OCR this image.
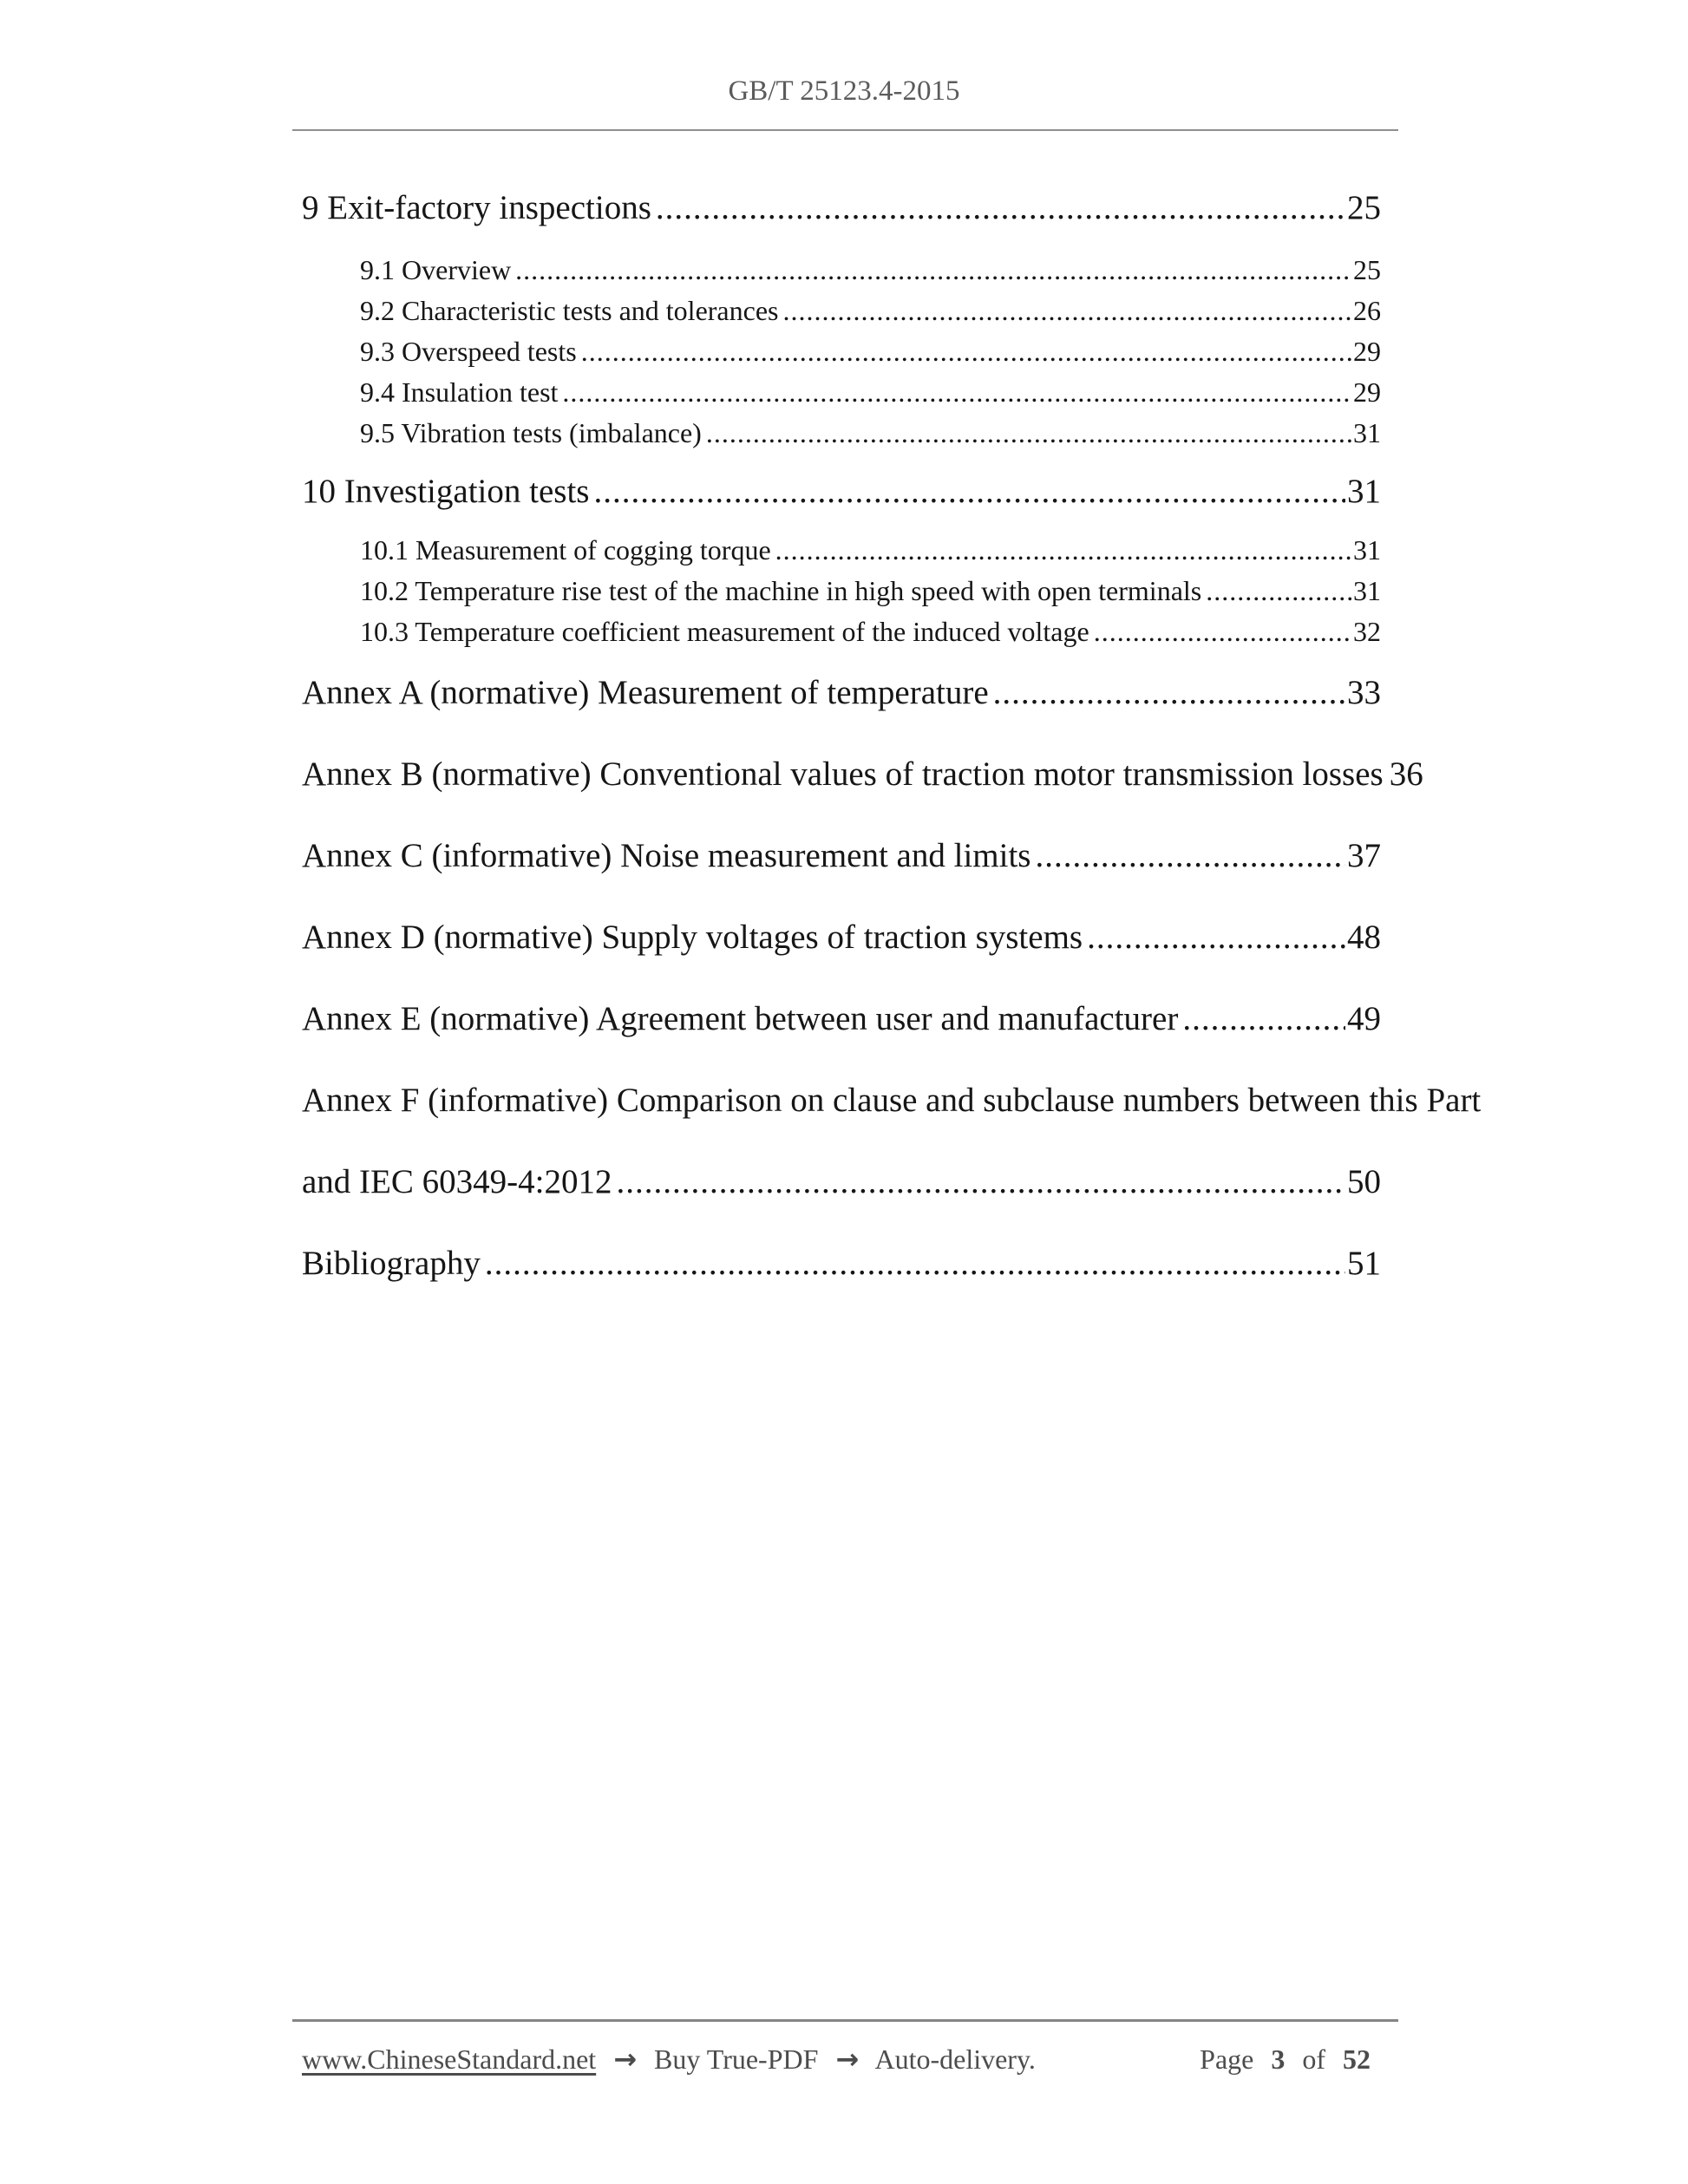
GB/T 25123.4-2015
9 Exit-factory inspections .....	25
9.1 Overview .....	25
9.2 Characteristic tests and tolerances .....	26
9.3 Overspeed tests .....	29
9.4 Insulation test .....	29
9.5 Vibration tests (imbalance) .....	31
10 Investigation tests .....	31
10.1 Measurement of cogging torque .....	31
10.2 Temperature rise test of the machine in high speed with open terminals .....	31
10.3 Temperature coefficient measurement of the induced voltage .....	32
Annex A (normative) Measurement of temperature .....	33
Annex B (normative) Conventional values of traction motor transmission losses 36
Annex C (informative) Noise measurement and limits .....	37
Annex D (normative) Supply voltages of traction systems .....	48
Annex E (normative) Agreement between user and manufacturer .....	49
Annex F (informative) Comparison on clause and subclause numbers between this Part
and IEC 60349-4:2012 .....	50
Bibliography .....	51
www.ChineseStandard.net → Buy True-PDF → Auto-delivery.	Page 3 of 52
